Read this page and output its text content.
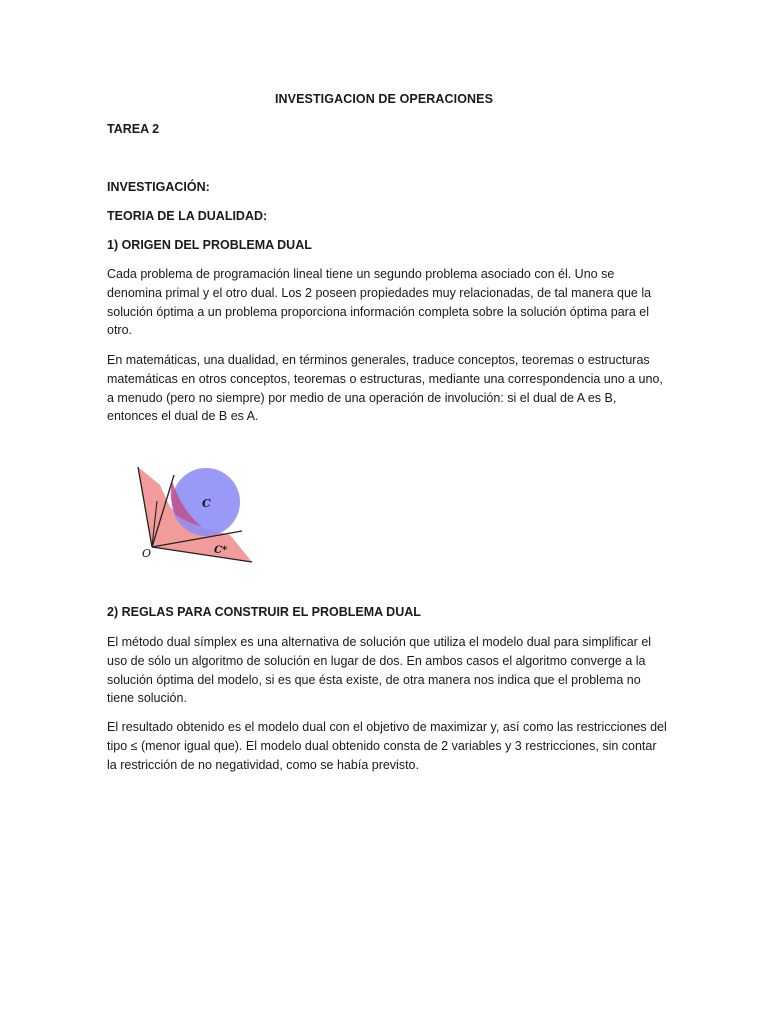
INVESTIGACION DE OPERACIONES
TAREA 2
INVESTIGACIÓN:
TEORIA DE LA DUALIDAD:
1) ORIGEN DEL PROBLEMA DUAL
Cada problema de programación lineal tiene un segundo problema asociado con él. Uno se denomina primal y el otro dual. Los 2 poseen propiedades muy relacionadas, de tal manera que la solución óptima a un problema proporciona información completa sobre la solución óptima para el otro.
En matemáticas, una dualidad, en términos generales, traduce conceptos, teoremas o estructuras matemáticas en otros conceptos, teoremas o estructuras, mediante una correspondencia uno a uno, a menudo (pero no siempre) por medio de una operación de involución: si el dual de A es B, entonces el dual de B es A.
O
C
C*
2) REGLAS PARA CONSTRUIR EL PROBLEMA DUAL
El método dual símplex es una alternativa de solución que utiliza el modelo dual para simplificar el uso de sólo un algoritmo de solución en lugar de dos. En ambos casos el algoritmo converge a la solución óptima del modelo, si es que ésta existe, de otra manera nos indica que el problema no tiene solución.
El resultado obtenido es el modelo dual con el objetivo de maximizar y, así como las restricciones del tipo ≤ (menor igual que). El modelo dual obtenido consta de 2 variables y 3 restricciones, sin contar la restricción de no negatividad, como se había previsto.
